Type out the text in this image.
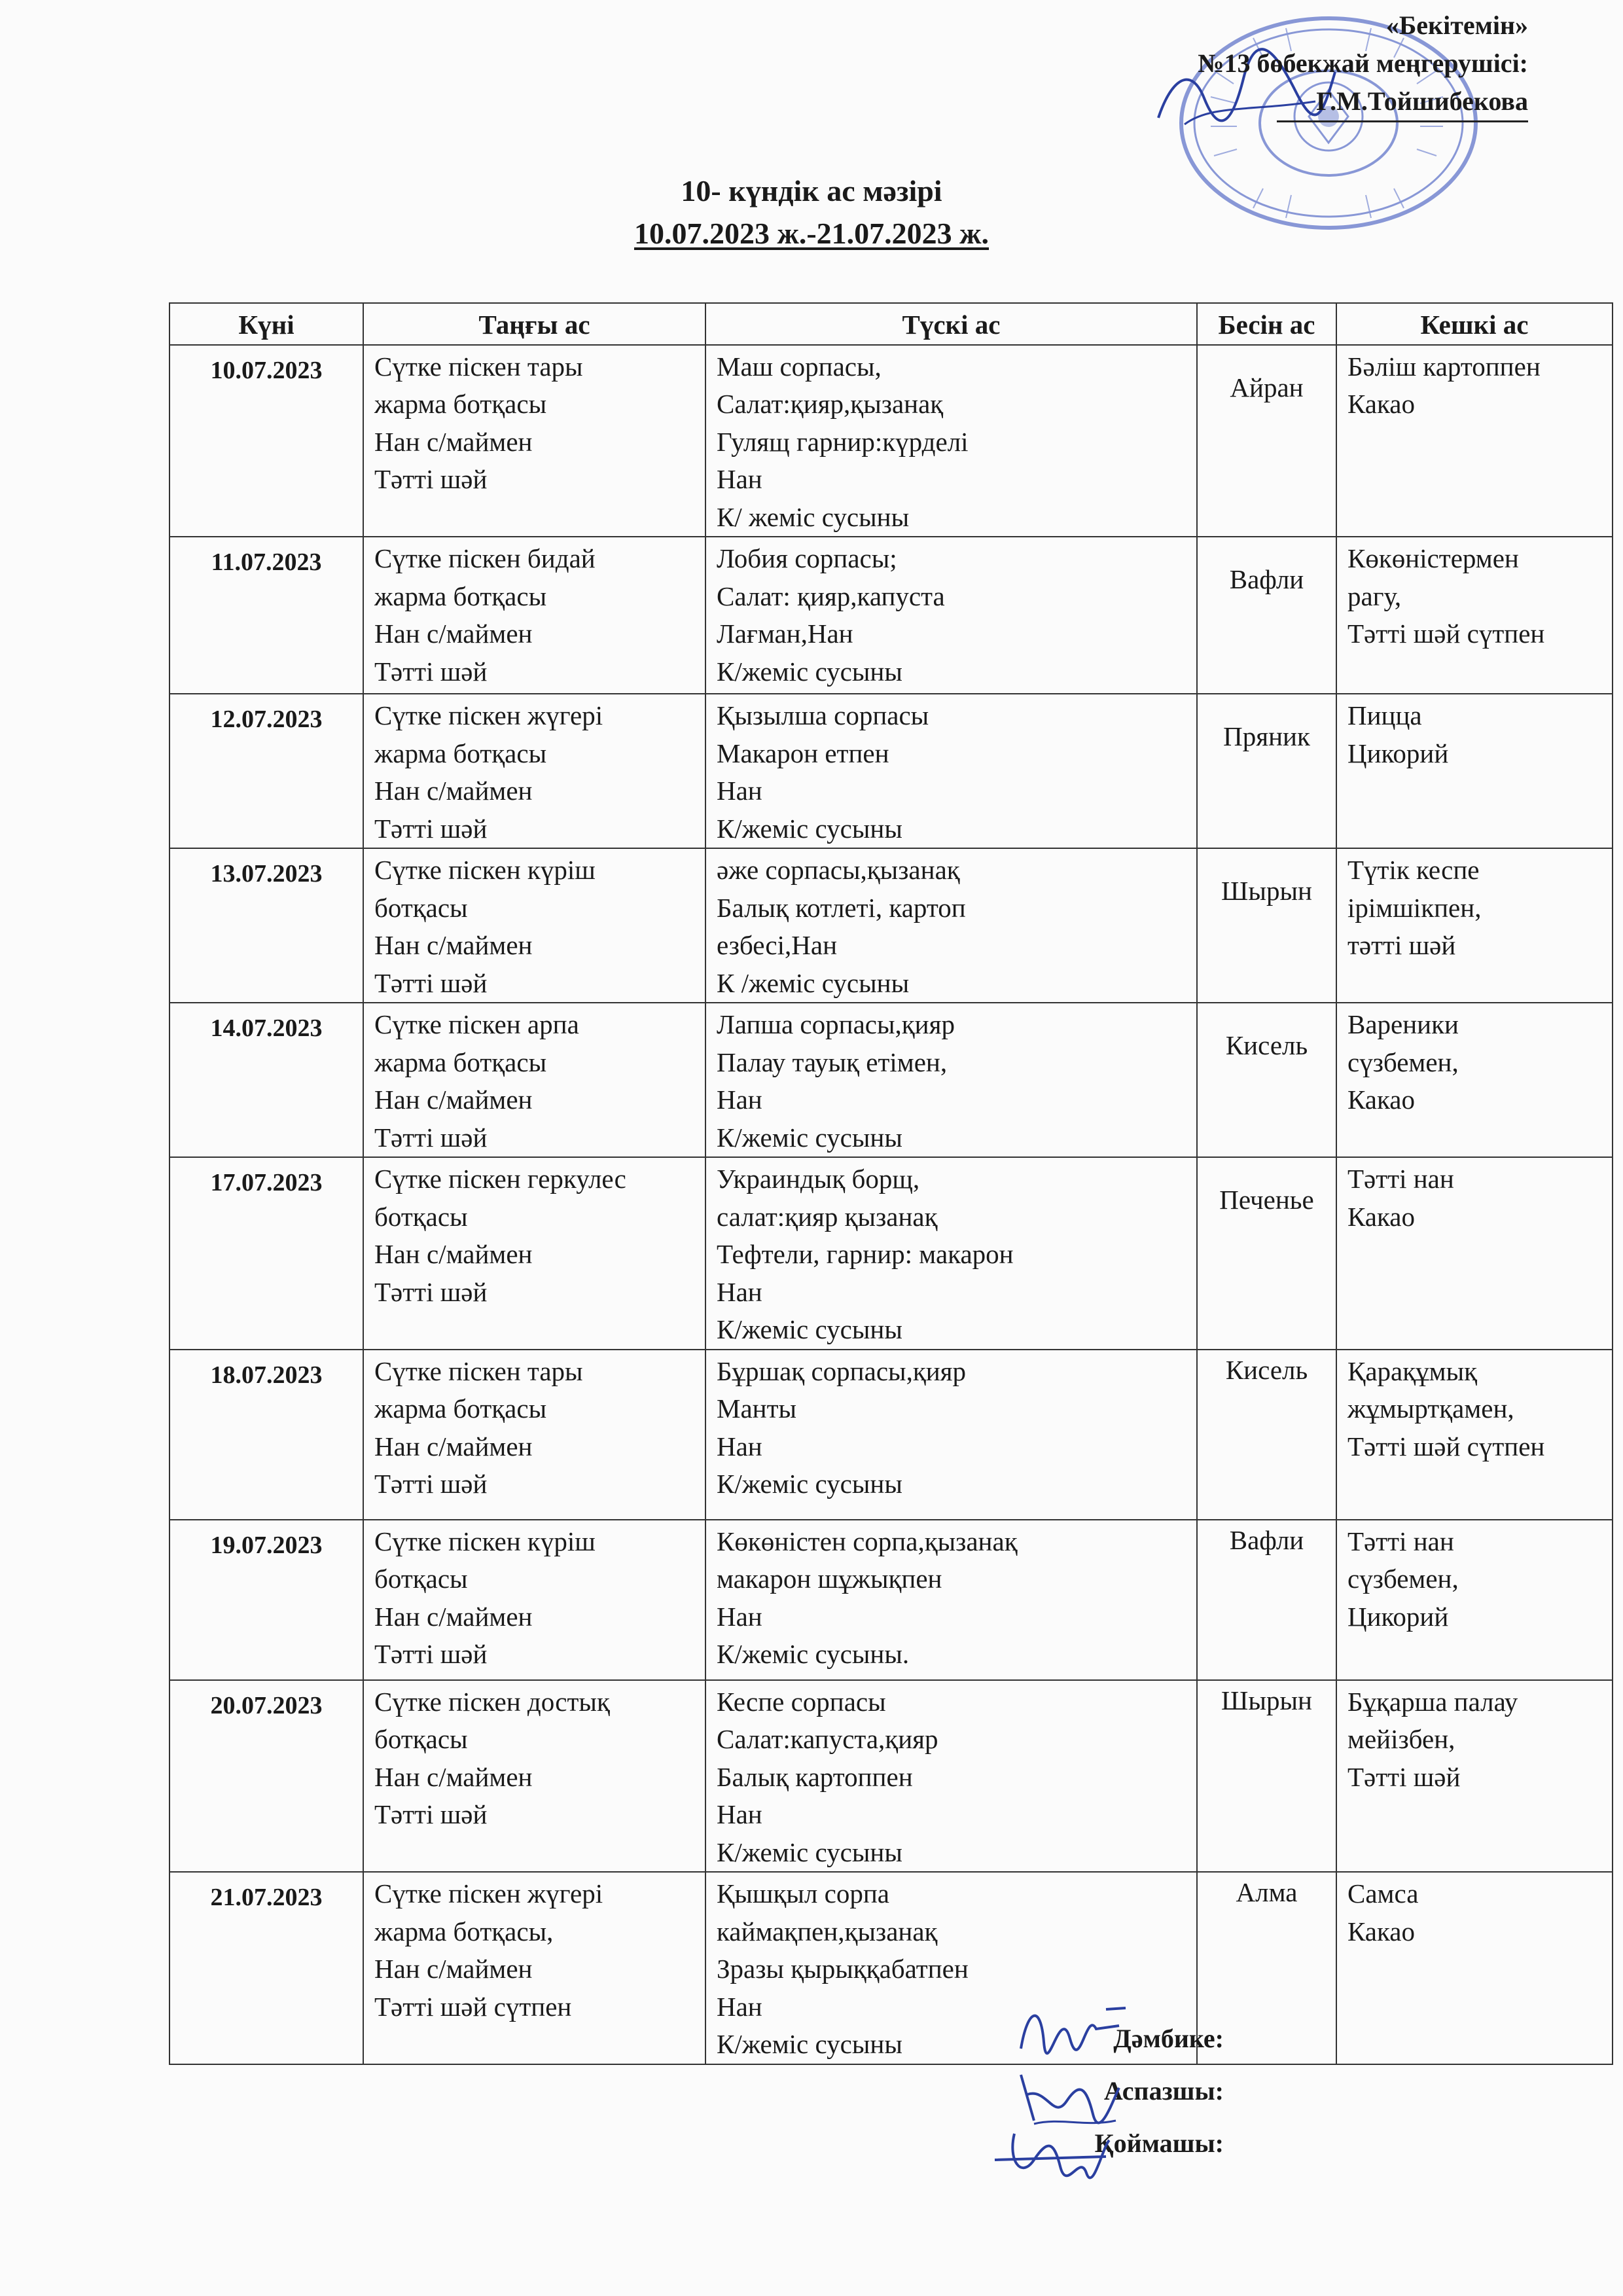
«Бекітемін»
№13 бөбекжай меңгерушісі:
Г.М.Тойшибекова
10- күндік ас мәзірі
10.07.2023 ж.-21.07.2023 ж.
Күні	Таңғы ас	Түскі ас	Бесін ас	Кешкі ас
10.07.2023	Сүтке піскен тары
жарма ботқасы
Нан с/маймен
Тәтті шәй	Маш сорпасы,
Салат:қияр,қызанақ
Гулящ гарнир:күрделі
Нан
К/ жеміс сусыны	Айран	Бәліш картоппен
Какао

11.07.2023	Сүтке піскен бидай
жарма ботқасы
Нан с/маймен
Тәтті шәй	Лобия сорпасы;
Салат: қияр,капуста
Лағман,Нан
К/жеміс сусыны	Вафли	Көкөністермен
рагу,
Тәтті шәй сүтпен

12.07.2023	Сүтке піскен жүгері
жарма ботқасы
Нан с/маймен
Тәтті шәй	Қызылша сорпасы
Макарон етпен
Нан
К/жеміс сусыны	Пряник	Пицца
Цикорий

13.07.2023	Сүтке піскен күріш
ботқасы
Нан с/маймен
Тәтті шәй	әже сорпасы,қызанақ
Балық котлеті, картоп
езбесі,Нан
К /жеміс сусыны	Шырын	Түтік кеспе
ірімшікпен,
тәтті шәй

14.07.2023	Сүтке піскен арпа
жарма ботқасы
Нан с/маймен
Тәтті шәй	Лапша сорпасы,қияр
Палау тауық етімен,
Нан
К/жеміс сусыны	Кисель	Вареники
сүзбемен,
Какао

17.07.2023	Сүтке піскен геркулес
ботқасы
Нан с/маймен
Тәтті шәй	Украиндық борщ,
салат:қияр қызанақ
Тефтели, гарнир: макарон
Нан
К/жеміс сусыны	Печенье	Тәтті нан
Какао

18.07.2023	Сүтке піскен тары
жарма ботқасы
Нан с/маймен
Тәтті шәй	Бұршақ сорпасы,қияр
Манты
Нан
К/жеміс сусыны	Кисель	Қарақұмық
жұмыртқамен,
Тәтті шәй сүтпен

19.07.2023	Сүтке піскен күріш
ботқасы
Нан с/маймен
Тәтті шәй	Көкөністен сорпа,қызанақ
макарон шұжықпен
Нан
К/жеміс сусыны.	Вафли	Тәтті нан
сүзбемен,
Цикорий

20.07.2023	Сүтке піскен достық
ботқасы
Нан с/маймен
Тәтті шәй	Кеспе сорпасы
Салат:капуста,қияр
Балық картоппен
Нан
К/жеміс сусыны	Шырын	Бұқарша палау
мейізбен,
Тәтті шәй

21.07.2023	Сүтке піскен жүгері
жарма ботқасы,
Нан с/маймен
Тәтті шәй сүтпен	Қышқыл сорпа
каймақпен,қызанақ
Зразы қырыққабатпен
Нан
К/жеміс сусыны	Алма	Самса
Какао
Дәмбике:
Аспазшы:
Қоймашы:
